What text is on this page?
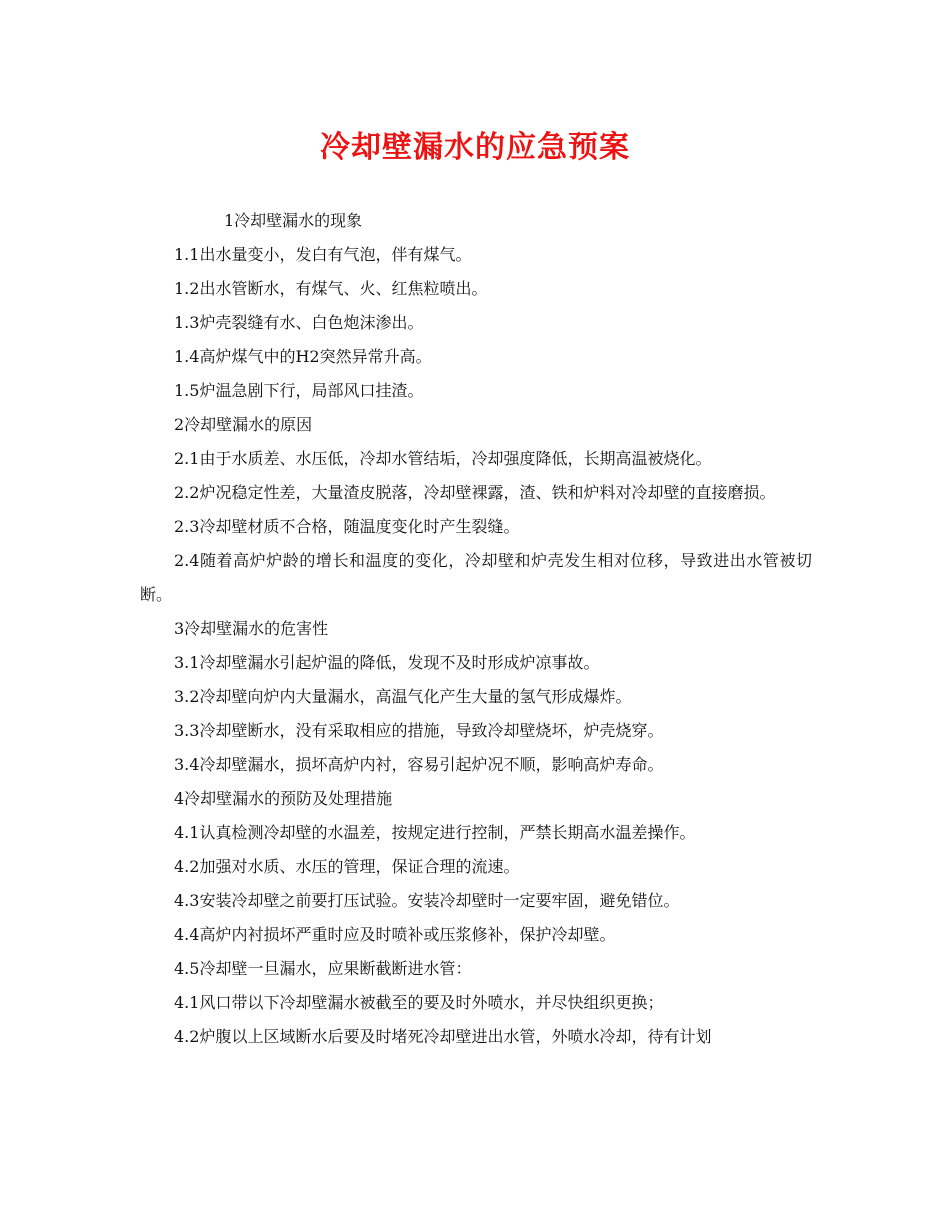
冷却壁漏水的应急预案

1冷却壁漏水的现象

1.1出水量变小，发白有气泡，伴有煤气。

1.2出水管断水，有煤气、火、红焦粒喷出。

1.3炉壳裂缝有水、白色炮沫渗出。

1.4高炉煤气中的H2突然异常升高。

1.5炉温急剧下行，局部风口挂渣。

2冷却壁漏水的原因

2.1由于水质差、水压低，冷却水管结垢，冷却强度降低，长期高温被烧化。

2.2炉况稳定性差，大量渣皮脱落，冷却壁裸露，渣、铁和炉料对冷却壁的直接磨损。

2.3冷却壁材质不合格，随温度变化时产生裂缝。

2.4随着高炉炉龄的增长和温度的变化，冷却壁和炉壳发生相对位移，导致进出水管被切断。

3冷却壁漏水的危害性

3.1冷却壁漏水引起炉温的降低，发现不及时形成炉凉事故。

3.2冷却壁向炉内大量漏水，高温气化产生大量的氢气形成爆炸。

3.3冷却壁断水，没有采取相应的措施，导致冷却壁烧坏，炉壳烧穿。

3.4冷却壁漏水，损坏高炉内衬，容易引起炉况不顺，影响高炉寿命。

4冷却壁漏水的预防及处理措施

4.1认真检测冷却壁的水温差，按规定进行控制，严禁长期高水温差操作。

4.2加强对水质、水压的管理，保证合理的流速。

4.3安装冷却壁之前要打压试验。安装冷却壁时一定要牢固，避免错位。

4.4高炉内衬损坏严重时应及时喷补或压浆修补，保护冷却壁。

4.5冷却壁一旦漏水，应果断截断进水管：

4.1风口带以下冷却壁漏水被截至的要及时外喷水，并尽快组织更换；

4.2炉腹以上区域断水后要及时堵死冷却壁进出水管，外喷水冷却，待有计划
